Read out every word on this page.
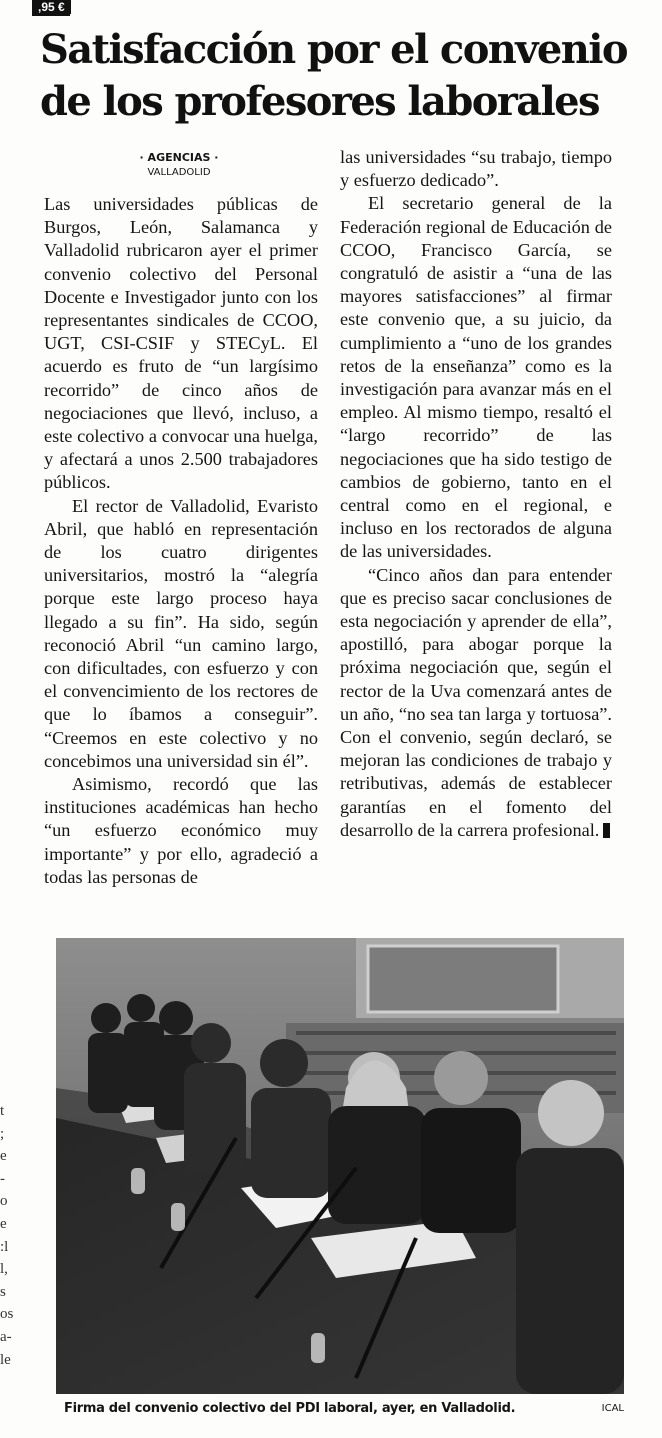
,95 €
Satisfacción por el convenio
de los profesores laborales
· AGENCIAS ·
VALLADOLID

Las universidades públicas de Burgos, León, Salamanca y Valladolid rubricaron ayer el primer convenio colectivo del Personal Docente e Investigador junto con los representantes sindicales de CCOO, UGT, CSI-CSIF y STECyL. El acuerdo es fruto de “un largísimo recorrido” de cinco años de negociaciones que llevó, incluso, a este colectivo a convocar una huelga, y afectará a unos 2.500 trabajadores públicos.

El rector de Valladolid, Evaristo Abril, que habló en representación de los cuatro dirigentes universitarios, mostró la “alegría porque este largo proceso haya llegado a su fin”. Ha sido, según reconoció Abril “un camino largo, con dificultades, con esfuerzo y con el convencimiento de los rectores de que lo íbamos a conseguir”. “Creemos en este colectivo y no concebimos una universidad sin él”.

Asimismo, recordó que las instituciones académicas han hecho “un esfuerzo económico muy importante” y por ello, agradeció a todas las personas de

las universidades “su trabajo, tiempo y esfuerzo dedicado”.

El secretario general de la Federación regional de Educación de CCOO, Francisco García, se congratuló de asistir a “una de las mayores satisfacciones” al firmar este convenio que, a su juicio, da cumplimiento a “uno de los grandes retos de la enseñanza” como es la investigación para avanzar más en el empleo. Al mismo tiempo, resaltó el “largo recorrido” de las negociaciones que ha sido testigo de cambios de gobierno, tanto en el central como en el regional, e incluso en los rectorados de alguna de las universidades.

“Cinco años dan para entender que es preciso sacar conclusiones de esta negociación y aprender de ella”, apostilló, para abogar porque la próxima negociación que, según el rector de la Uva comenzará antes de un año, “no sea tan larga y tortuosa”. Con el convenio, según declaró, se mejoran las condiciones de trabajo y retributivas, además de establecer garantías en el fomento del desarrollo de la carrera profesional.

Firma del convenio colectivo del PDI laboral, ayer, en Valladolid.	ICAL
t
;
e
-
o
e
:l
l,
s
os
a-
le
